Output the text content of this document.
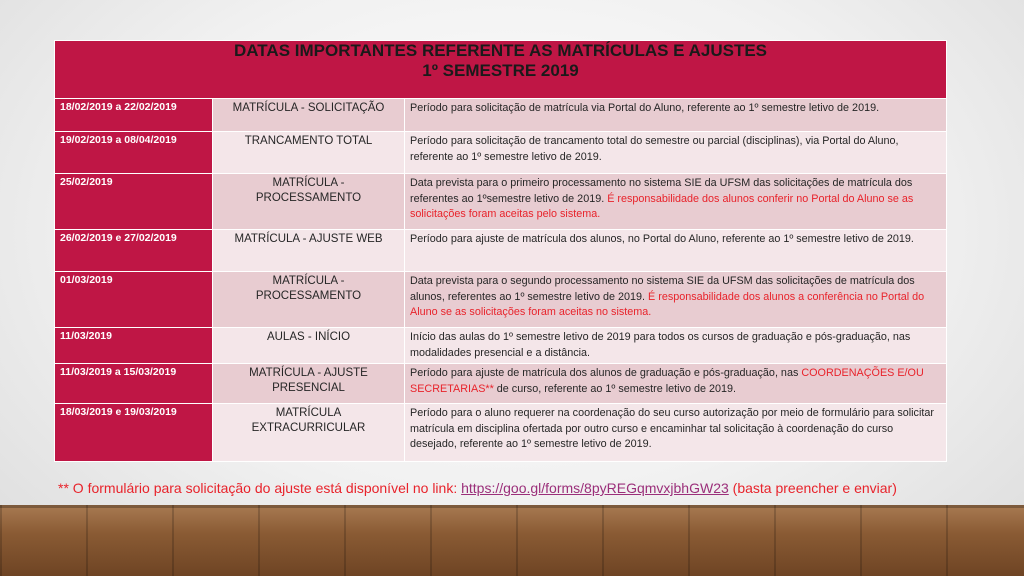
DATAS IMPORTANTES REFERENTE AS MATRÍCULAS E AJUSTES
1º SEMESTRE 2019		

18/02/2019 a 22/02/2019	MATRÍCULA - SOLICITAÇÃO	Período para solicitação de matrícula via Portal do Aluno, referente ao 1º semestre letivo de 2019.
19/02/2019 a 08/04/2019	TRANCAMENTO TOTAL	Período para solicitação de trancamento total do semestre ou parcial (disciplinas), via Portal do Aluno, referente ao 1º semestre letivo de 2019.
25/02/2019	MATRÍCULA - PROCESSAMENTO	Data prevista para o primeiro processamento no sistema SIE da UFSM das solicitações de matrícula dos referentes ao 1ºsemestre letivo de 2019. É responsabilidade dos alunos conferir no Portal do Aluno se as solicitações foram aceitas pelo sistema.
26/02/2019 e 27/02/2019	MATRÍCULA - AJUSTE WEB	Período para ajuste de matrícula dos alunos, no Portal do Aluno, referente ao 1º semestre letivo de 2019.
01/03/2019	MATRÍCULA - PROCESSAMENTO	Data prevista para o segundo processamento no sistema SIE da UFSM das solicitações de matrícula dos alunos, referentes ao 1º semestre letivo de 2019. É responsabilidade dos alunos a conferência no Portal do Aluno se as solicitações foram aceitas no sistema.
11/03/2019	AULAS - INÍCIO	Início das aulas do 1º semestre letivo de 2019 para todos os cursos de graduação e pós-graduação, nas modalidades presencial e a distância.
11/03/2019 a 15/03/2019	MATRÍCULA - AJUSTE PRESENCIAL	Período para ajuste de matrícula dos alunos de graduação e pós-graduação, nas COORDENAÇÕES E/OU SECRETARIAS** de curso, referente ao 1º semestre letivo de 2019.
18/03/2019 e 19/03/2019	MATRÍCULA EXTRACURRICULAR	Período para o aluno requerer na coordenação do seu curso autorização por meio de formulário para solicitar matrícula em disciplina ofertada por outro curso e encaminhar tal solicitação à coordenação do curso desejado, referente ao 1º semestre letivo de 2019.
** O formulário para solicitação do ajuste está disponível no link: https://goo.gl/forms/8pyREGqmvxjbhGW23 (basta preencher e enviar)
